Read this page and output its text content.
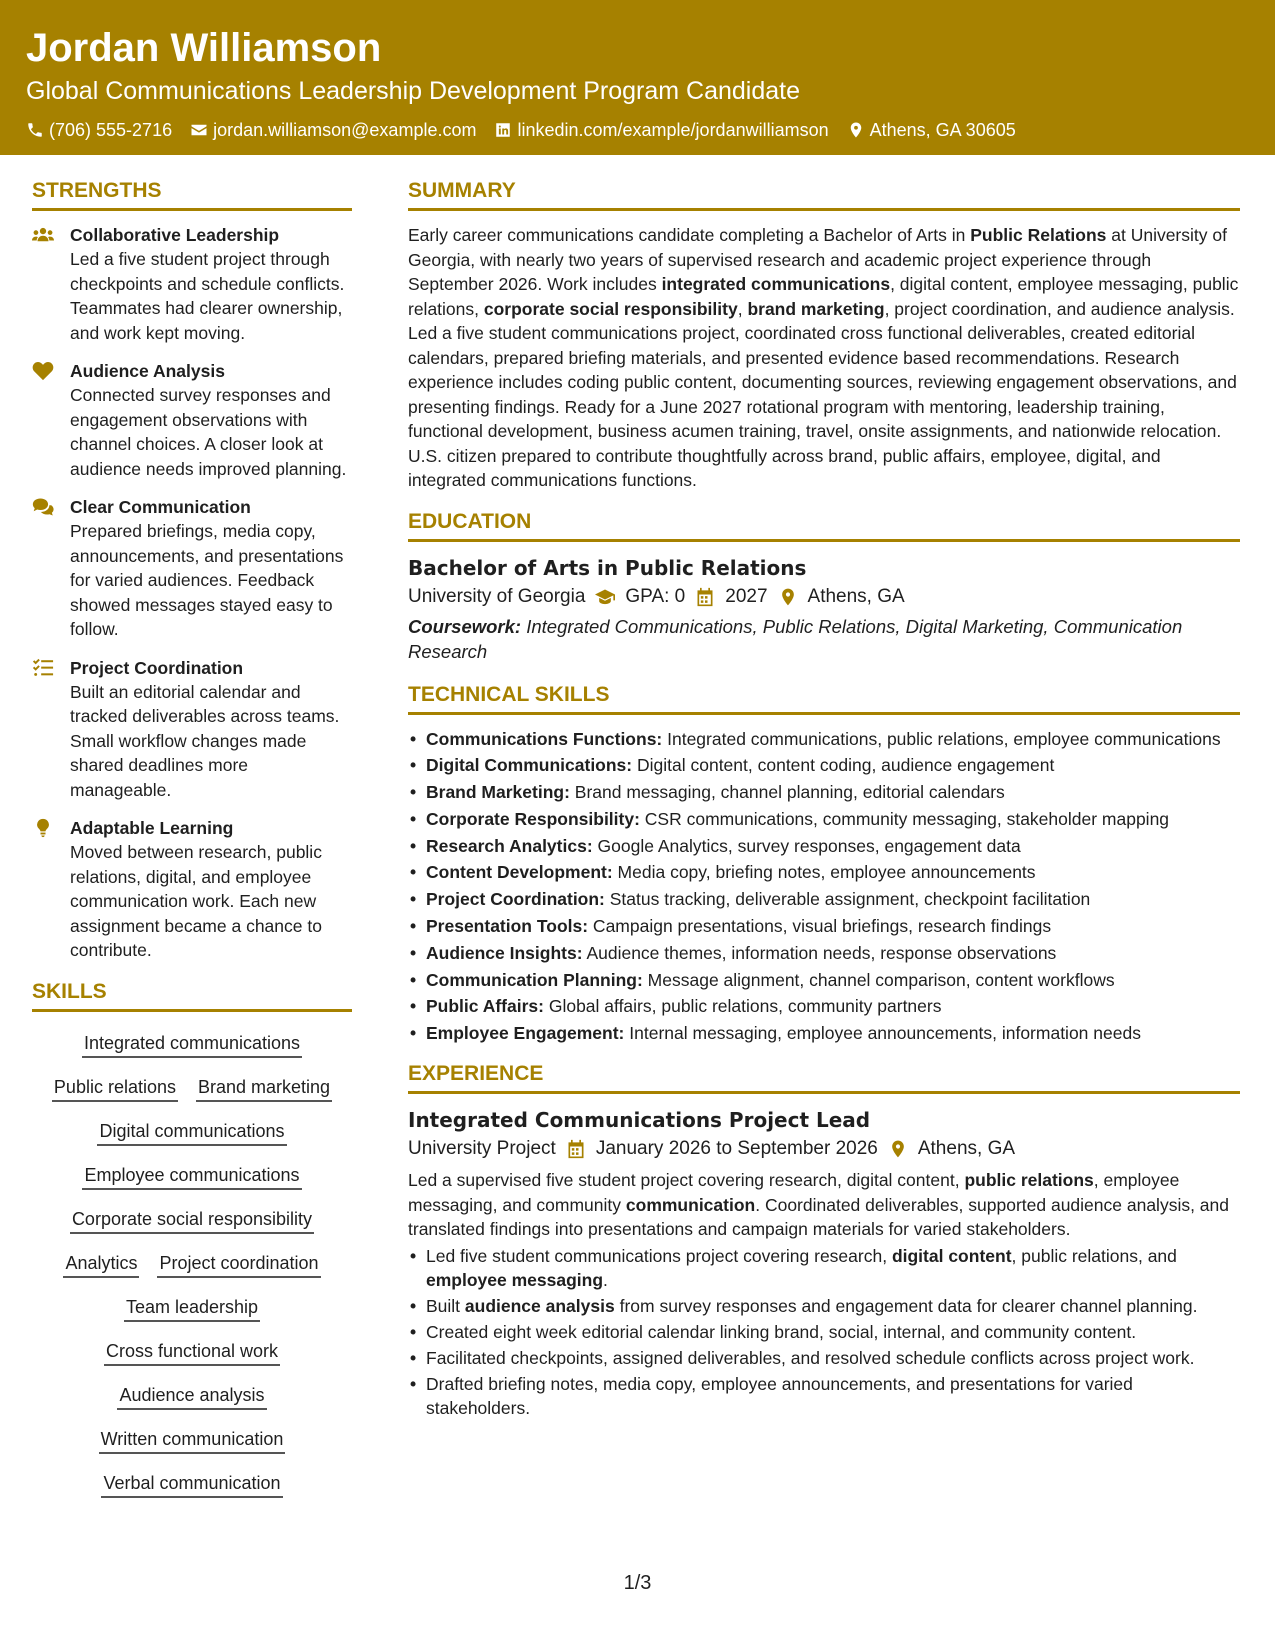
Jordan Williamson
Global Communications Leadership Development Program Candidate
(706) 555-2716 jordan.williamson@example.com linkedin.com/example/jordanwilliamson Athens, GA 30605
STRENGTHS
Collaborative Leadership
Led a five student project through checkpoints and schedule conflicts. Teammates had clearer ownership, and work kept moving.
Audience Analysis
Connected survey responses and engagement observations with channel choices. A closer look at audience needs improved planning.
Clear Communication
Prepared briefings, media copy, announcements, and presentations for varied audiences. Feedback showed messages stayed easy to follow.
Project Coordination
Built an editorial calendar and tracked deliverables across teams. Small workflow changes made shared deadlines more manageable.
Adaptable Learning
Moved between research, public relations, digital, and employee communication work. Each new assignment became a chance to contribute.
SKILLS
Integrated communications
Public relations Brand marketing
Digital communications
Employee communications
Corporate social responsibility
Analytics Project coordination
Team leadership
Cross functional work
Audience analysis
Written communication
Verbal communication
SUMMARY

Early career communications candidate completing a Bachelor of Arts in Public Relations at University of Georgia, with nearly two years of supervised research and academic project experience through September 2026. Work includes integrated communications, digital content, employee messaging, public relations, corporate social responsibility, brand marketing, project coordination, and audience analysis. Led a five student communications project, coordinated cross functional deliverables, created editorial calendars, prepared briefing materials, and presented evidence based recommendations. Research experience includes coding public content, documenting sources, reviewing engagement observations, and presenting findings. Ready for a June 2027 rotational program with mentoring, leadership training, functional development, business acumen training, travel, onsite assignments, and nationwide relocation. U.S. citizen prepared to contribute thoughtfully across brand, public affairs, employee, digital, and integrated communications functions.

EDUCATION
Bachelor of Arts in Public Relations
University of Georgia GPA: 0 2027 Athens, GA
Coursework: Integrated Communications, Public Relations, Digital Marketing, Communication Research
TECHNICAL SKILLS
• Communications Functions: Integrated communications, public relations, employee communications
• Digital Communications: Digital content, content coding, audience engagement
• Brand Marketing: Brand messaging, channel planning, editorial calendars
• Corporate Responsibility: CSR communications, community messaging, stakeholder mapping
• Research Analytics: Google Analytics, survey responses, engagement data
• Content Development: Media copy, briefing notes, employee announcements
• Project Coordination: Status tracking, deliverable assignment, checkpoint facilitation
• Presentation Tools: Campaign presentations, visual briefings, research findings
• Audience Insights: Audience themes, information needs, response observations
• Communication Planning: Message alignment, channel comparison, content workflows
• Public Affairs: Global affairs, public relations, community partners
• Employee Engagement: Internal messaging, employee announcements, information needs
EXPERIENCE
Integrated Communications Project Lead
University Project January 2026 to September 2026 Athens, GA

Led a supervised five student project covering research, digital content, public relations, employee messaging, and community communication. Coordinated deliverables, supported audience analysis, and translated findings into presentations and campaign materials for varied stakeholders.

• Led five student communications project covering research, digital content, public relations, and employee messaging.
• Built audience analysis from survey responses and engagement data for clearer channel planning.
• Created eight week editorial calendar linking brand, social, internal, and community content.
• Facilitated checkpoints, assigned deliverables, and resolved schedule conflicts across project work.
• Drafted briefing notes, media copy, employee announcements, and presentations for varied stakeholders.
1/3
